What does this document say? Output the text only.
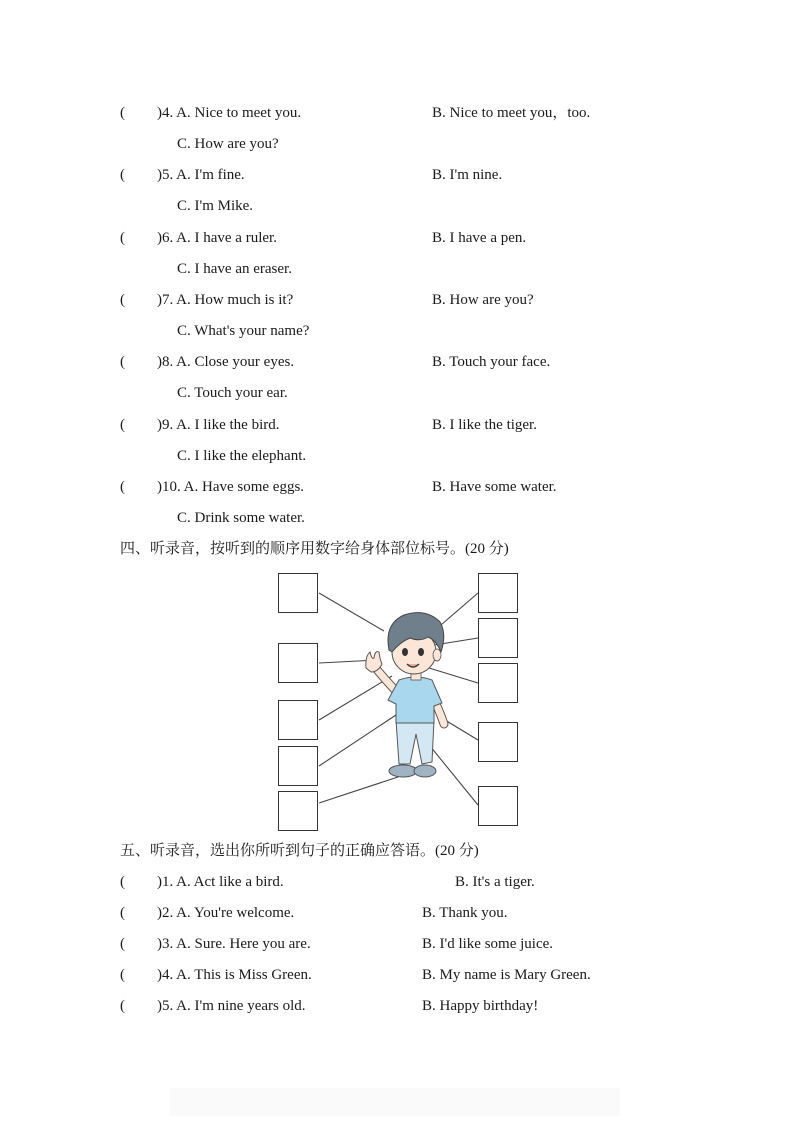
( )4. A. Nice to meet you.	B. Nice to meet you，too.
C. How are you?
( )5. A. I'm fine.	B. I'm nine.
C. I'm Mike.
( )6. A. I have a ruler.	B. I have a pen.
C. I have an eraser.
( )7. A. How much is it?	B. How are you?
C. What's your name?
( )8. A. Close your eyes.	B. Touch your face.
C. Touch your ear.
( )9. A. I like the bird.	B. I like the tiger.
C. I like the elephant.
( )10. A. Have some eggs.	B. Have some water.
C. Drink some water.
四、听录音，按听到的顺序用数字给身体部位标号。(20 分)
五、听录音，选出你所听到句子的正确应答语。(20 分)
( )1. A. Act like a bird.	B. It's a tiger.
( )2. A. You're welcome.	B. Thank you.
( )3. A. Sure. Here you are.	B. I'd like some juice.
( )4. A. This is Miss Green.	B. My name is Mary Green.
( )5. A. I'm nine years old.	B. Happy birthday!
